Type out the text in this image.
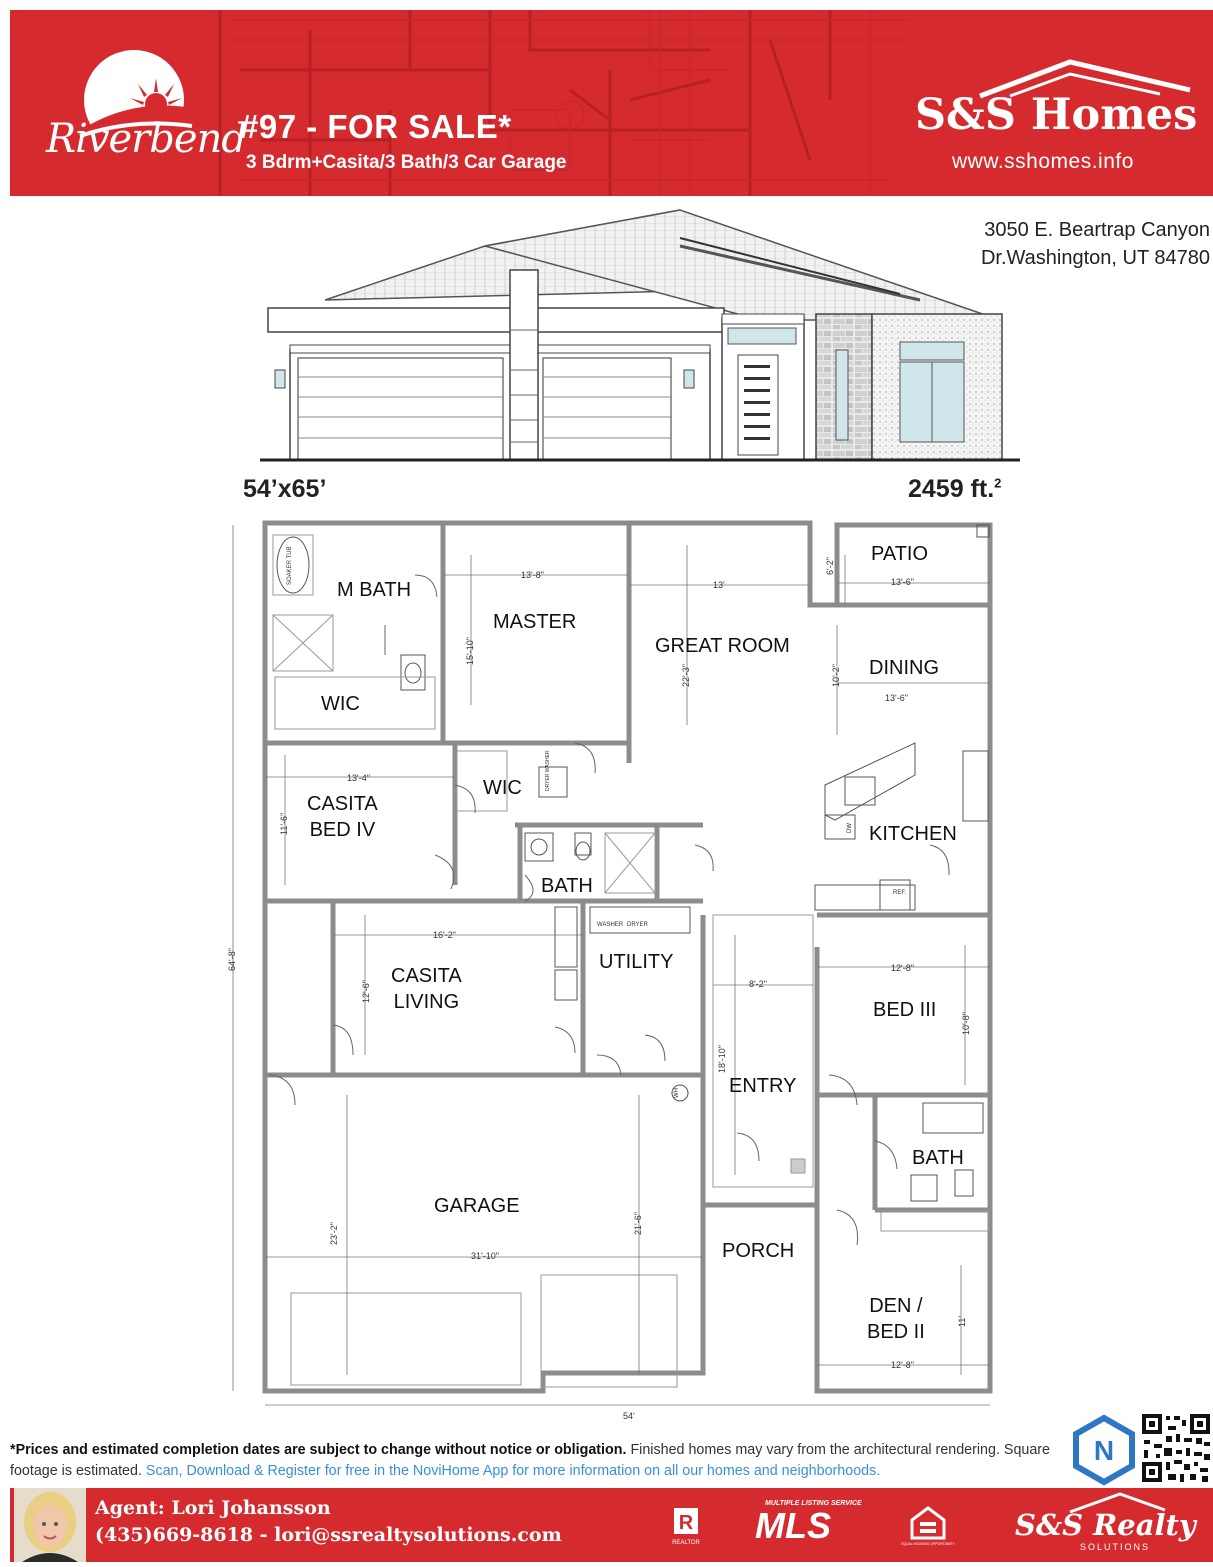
Riverbend
#97 - FOR SALE*
3 Bdrm+Casita/3 Bath/3 Car Garage
S&S Homes
www.sshomes.info
3050 E. Beartrap Canyon
Dr.Washington, UT 84780
54’x65’	2459 ft.$^2$
M BATH
MASTER
WIC
GREAT ROOM
PATIO
DINING
WIC
CASITA
BED IV	KITCHEN
BATH
CASITA
LIVING
UTILITY
BED III
ENTRY
BATH
GARAGE
PORCH
DEN /
BED II
13'-8"
15'-10"
13'
22'-3"
13'-6"
6'-2"
13'-6"
10'-2"
13'-4"
11'-6"
16'-2"
12'-6"	8'-2"
18'-10"
12'-8"
10'-8"
31'-10"
23'-2"	21'-6"
12'-8"
11'
54'
64'-8"
SOAKER TUB
DRYER WASHER
WASHER DRYER
REF.
DW
WH
*Prices and estimated completion dates are subject to change without notice or obligation. Finished homes may vary from the architectural rendering. Square footage is estimated. Scan, Download & Register for free in the NoviHome App for more information on all our homes and neighborhoods.
N
Agent: Lori Johansson
(435)669-8618 - lori@ssrealtysolutions.com
R
REALTOR
MULTIPLE LISTING SERVICE
MLS	EQUAL HOUSING OPPORTUNITY
S&S Realty
SOLUTIONS
